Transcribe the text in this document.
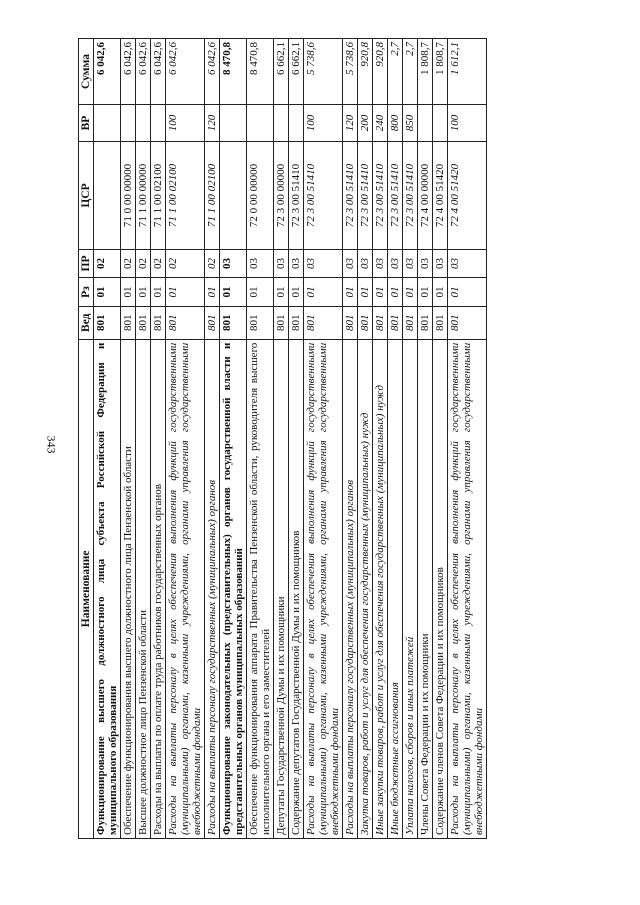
343
Наименование	Вед	Рз	ПР	ЦСР	ВР	Сумма
Функционирование высшего должностного лица субъекта Российской Федерации и муниципального образования	801	01	02			6 042,6
Обеспечение функционирования высшего должностного лица Пензенской области	801	01	02	71 0 00 00000		6 042,6
Высшее должностное лицо Пензенской области	801	01	02	71 1 00 00000		6 042,6
Расходы на выплаты по оплате труда работников государственных органов	801	01	02	71 1 00 02100		6 042,6
Расходы на выплаты персоналу в целях обеспечения выполнения функций государственными (муниципальными) органами, казенными учреждениями, органами управления государственными внебюджетными фондами	801	01	02	71 1 00 02100	100	6 042,6
Расходы на выплаты персоналу государственных (муниципальных) органов	801	01	02	71 1 00 02100	120	6 042,6
Функционирование законодательных (представительных) органов государственной власти и представительных органов муниципальных образований	801	01	03			8 470,8
Обеспечение функционирования аппарата Правительства Пензенской области, руководителя высшего исполнительного органа и его заместителей	801	01	03	72 0 00 00000		8 470,8
Депутаты Государственной Думы и их помощники	801	01	03	72 3 00 00000		6 662,1
Содержание депутатов Государственной Думы и их помощников	801	01	03	72 3 00 51410		6 662,1
Расходы на выплаты персоналу в целях обеспечения выполнения функций государственными (муниципальными) органами, казенными учреждениями, органами управления государственными внебюджетными фондами	801	01	03	72 3 00 51410	100	5 738,6
Расходы на выплаты персоналу государственных (муниципальных) органов	801	01	03	72 3 00 51410	120	5 738,6
Закупка товаров, работ и услуг для обеспечения государственных (муниципальных) нужд	801	01	03	72 3 00 51410	200	920,8
Иные закупки товаров, работ и услуг для обеспечения государственных (муниципальных) нужд	801	01	03	72 3 00 51410	240	920,8
Иные бюджетные ассигнования	801	01	03	72 3 00 51410	800	2,7
Уплата налогов, сборов и иных платежей	801	01	03	72 3 00 51410	850	2,7
Члены Совета Федерации и их помощники	801	01	03	72 4 00 00000		1 808,7
Содержание членов Совета Федерации и их помощников	801	01	03	72 4 00 51420		1 808,7
Расходы на выплаты персоналу в целях обеспечения выполнения функций государственными (муниципальными) органами, казенными учреждениями, органами управления государственными внебюджетными фондами	801	01	03	72 4 00 51420	100	1 612,1
